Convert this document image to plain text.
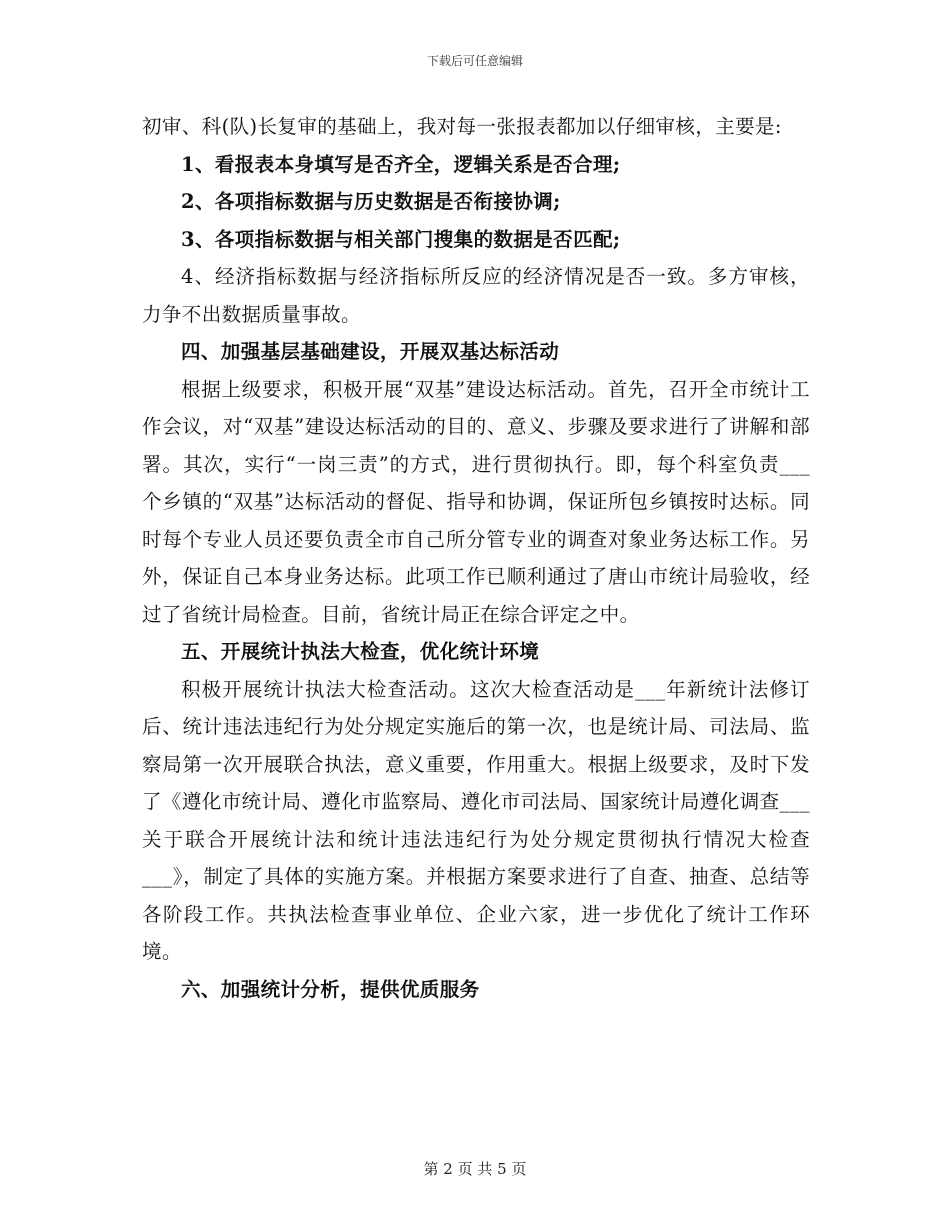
下载后可任意编辑

初审、科(队)长复审的基础上，我对每一张报表都加以仔细审核，主要是:

1、看报表本身填写是否齐全，逻辑关系是否合理;

2、各项指标数据与历史数据是否衔接协调;

3、各项指标数据与相关部门搜集的数据是否匹配;

4、经济指标数据与经济指标所反应的经济情况是否一致。多方审核，力争不出数据质量事故。

四、加强基层基础建设，开展双基达标活动

根据上级要求，积极开展“双基”建设达标活动。首先，召开全市统计工作会议，对“双基”建设达标活动的目的、意义、步骤及要求进行了讲解和部署。其次，实行“一岗三责”的方式，进行贯彻执行。即，每个科室负责___个乡镇的“双基”达标活动的督促、指导和协调，保证所包乡镇按时达标。同时每个专业人员还要负责全市自己所分管专业的调查对象业务达标工作。另外，保证自己本身业务达标。此项工作已顺利通过了唐山市统计局验收，经过了省统计局检查。目前，省统计局正在综合评定之中。

五、开展统计执法大检查，优化统计环境

积极开展统计执法大检查活动。这次大检查活动是___年新统计法修订后、统计违法违纪行为处分规定实施后的第一次，也是统计局、司法局、监察局第一次开展联合执法，意义重要，作用重大。根据上级要求，及时下发了《遵化市统计局、遵化市监察局、遵化市司法局、国家统计局遵化调查___关于联合开展统计法和统计违法违纪行为处分规定贯彻执行情况大检查___》，制定了具体的实施方案。并根据方案要求进行了自查、抽查、总结等各阶段工作。共执法检查事业单位、企业六家，进一步优化了统计工作环境。

六、加强统计分析，提供优质服务

第 2 页 共 5 页
